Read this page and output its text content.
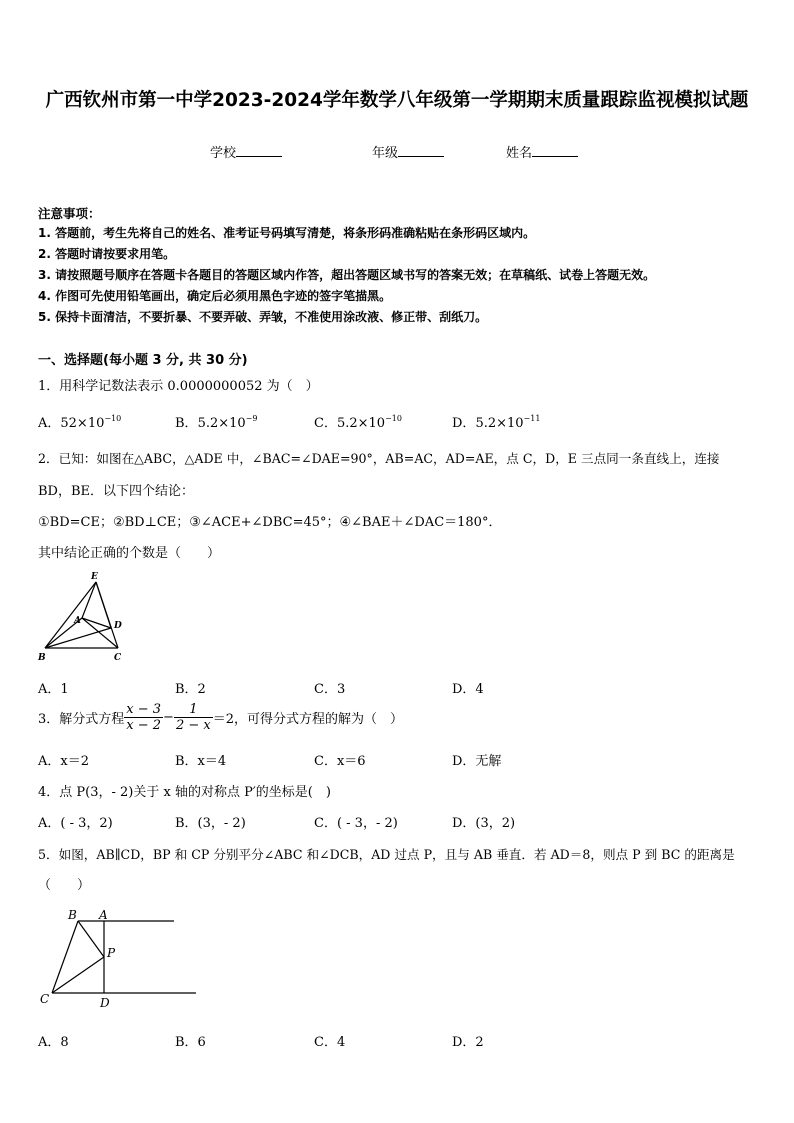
广西钦州市第一中学2023-2024学年数学八年级第一学期期末质量跟踪监视模拟试题
学校	年级	姓名
注意事项：
1. 答题前，考生先将自己的姓名、准考证号码填写清楚，将条形码准确粘贴在条形码区域内。
2. 答题时请按要求用笔。
3. 请按照题号顺序在答题卡各题目的答题区域内作答，超出答题区域书写的答案无效；在草稿纸、试卷上答题无效。
4. 作图可先使用铅笔画出，确定后必须用黑色字迹的签字笔描黑。
5. 保持卡面清洁，不要折暴、不要弄破、弄皱，不准使用涂改液、修正带、刮纸刀。
一、选择题(每小题 3 分, 共 30 分)
1．用科学记数法表示 0.0000000052 为（　）
A．$52\times 10^{-10}$	B．$5.2\times 10^{-9}$	C．$5.2\times 10^{-10}$	D．$5.2\times 10^{-11}$
2．已知：如图在△ABC，△ADE 中，∠BAC=∠DAE=90°，AB=AC，AD=AE，点 C，D，E 三点同一条直线上，连接
BD，BE．以下四个结论：
①BD=CE；②BD⊥CE；③∠ACE+∠DBC=45°；④∠BAE＋∠DAC＝180°．
其中结论正确的个数是（　　）
E
A	D
B	C
A．1	B．2	C．3	D．4
3．解分式方程 $\frac{x - 3}{x - 2} - \frac{1}{2 - x} =2$，可得分式方程的解为（　）
A．x＝2	B．x＝4	C．x＝6	D．无解
4．点 P(3，- 2)关于 x 轴的对称点 P′的坐标是(　)
A．( - 3，2)	B．(3，- 2)	C．( - 3，- 2)	D．(3，2)
5．如图，AB∥CD，BP 和 CP 分别平分∠ABC 和∠DCB，AD 过点 P，且与 AB 垂直．若 AD＝8，则点 P 到 BC 的距离是
（　　）
B A
P
C	D
A．8	B．6	C．4	D．2
